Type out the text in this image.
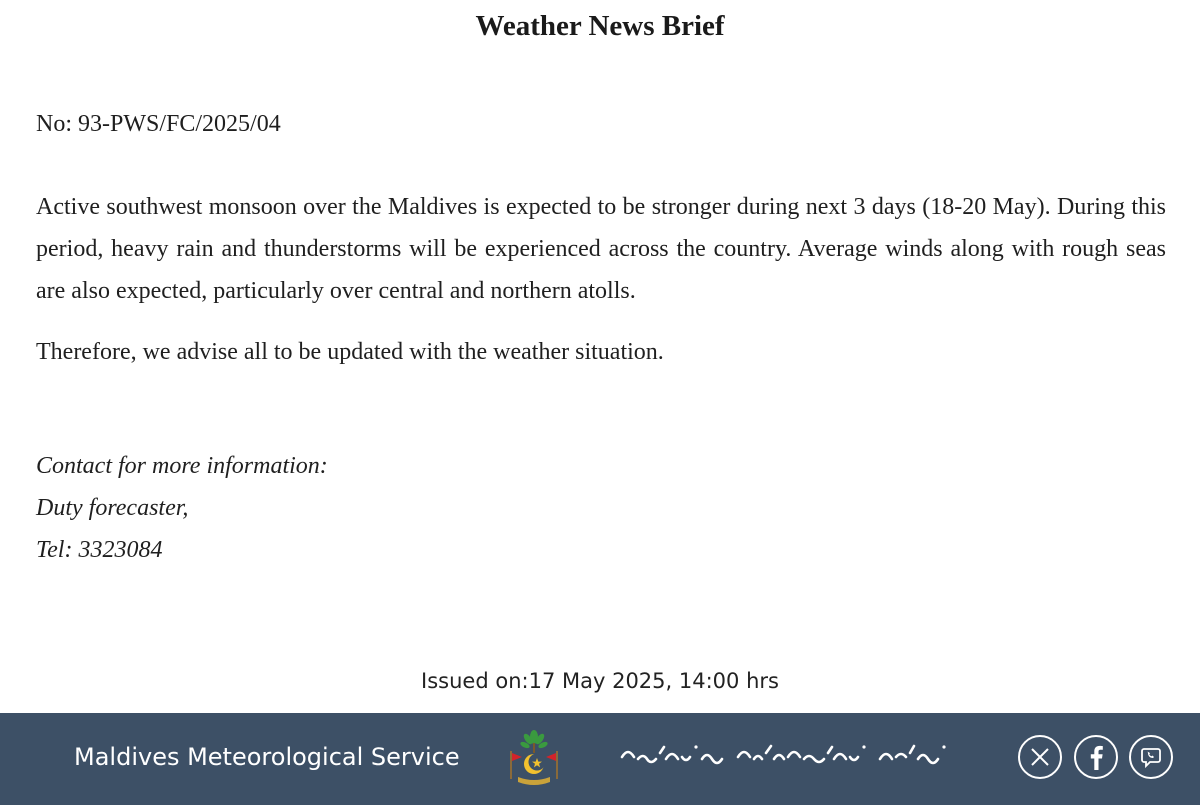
Weather News Brief
No: 93-PWS/FC/2025/04
Active southwest monsoon over the Maldives is expected to be stronger during next 3 days (18-20 May). During this period, heavy rain and thunderstorms will be experienced across the country. Average winds along with rough seas are also expected, particularly over central and northern atolls.
Therefore, we advise all to be updated with the weather situation.
Contact for more information:
Duty forecaster,
Tel: 3323084
Issued on:17 May 2025, 14:00 hrs
Maldives Meteorological Service
